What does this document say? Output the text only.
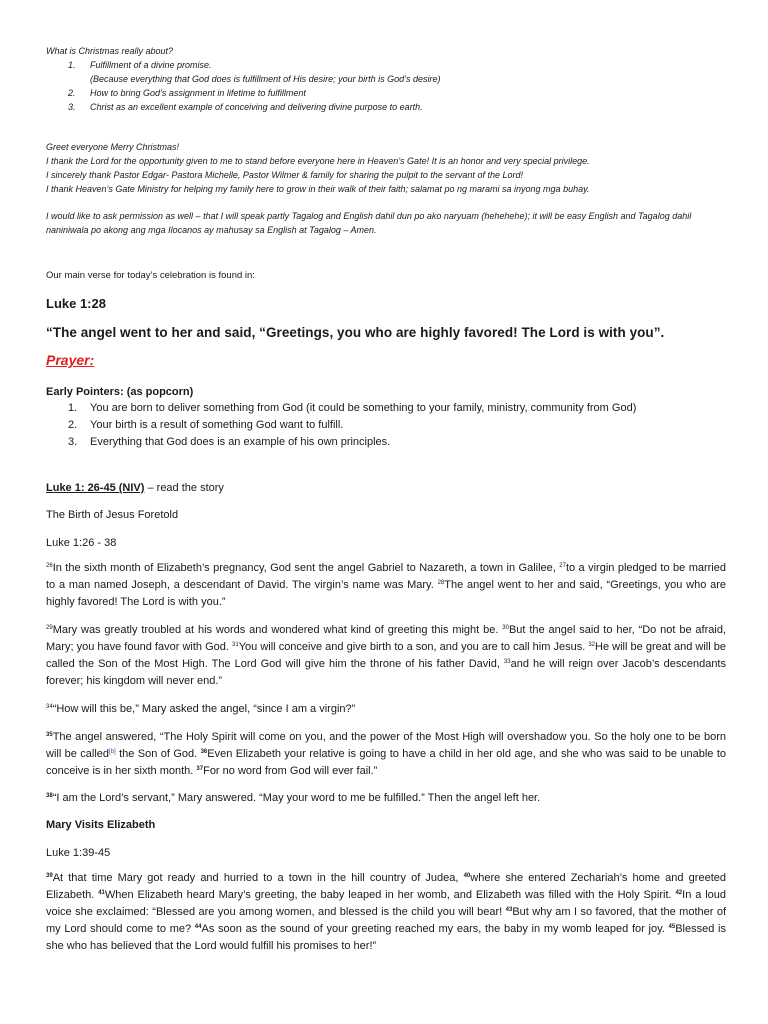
What is Christmas really about?
1. Fulfillment of a divine promise.
(Because everything that God does is fulfillment of His desire; your birth is God’s desire)
2. How to bring God’s assignment in lifetime to fulfillment
3. Christ as an excellent example of conceiving and delivering divine purpose to earth.
Greet everyone Merry Christmas!
I thank the Lord for the opportunity given to me to stand before everyone here in Heaven’s Gate! It is an honor and very special privilege.
I sincerely thank Pastor Edgar- Pastora Michelle, Pastor Wilmer & family for sharing the pulpit to the servant of the Lord!
I thank Heaven’s Gate Ministry for helping my family here to grow in their walk of their faith; salamat po ng marami sa inyong mga buhay.
I would like to ask permission as well – that I will speak partly Tagalog and English dahil dun po ako naryuam (hehehehe); it will be easy English and Tagalog dahil naniniwala po akong ang mga Ilocanos ay mahusay sa English at Tagalog – Amen.
Our main verse for today’s celebration is found in:
Luke 1:28
“The angel went to her and said, “Greetings, you who are highly favored! The Lord is with you”.
Prayer:
Early Pointers: (as popcorn)
1. You are born to deliver something from God (it could be something to your family, ministry, community from God)
2. Your birth is a result of something God want to fulfill.
3. Everything that God does is an example of his own principles.
Luke 1: 26-45 (NIV) – read the story
The Birth of Jesus Foretold
Luke 1:26 - 38
$^{26}$In the sixth month of Elizabeth’s pregnancy, God sent the angel Gabriel to Nazareth, a town in Galilee, $^{27}$to a virgin pledged to be married to a man named Joseph, a descendant of David. The virgin’s name was Mary. $^{28}$The angel went to her and said, “Greetings, you who are highly favored! The Lord is with you.”
$^{29}$Mary was greatly troubled at his words and wondered what kind of greeting this might be. $^{30}$But the angel said to her, “Do not be afraid, Mary; you have found favor with God. $^{31}$You will conceive and give birth to a son, and you are to call him Jesus. $^{32}$He will be great and will be called the Son of the Most High. The Lord God will give him the throne of his father David, $^{33}$and he will reign over Jacob’s descendants forever; his kingdom will never end.”
$^{34}$“How will this be,” Mary asked the angel, “since I am a virgin?”
$^{35}$The angel answered, “The Holy Spirit will come on you, and the power of the Most High will overshadow you. So the holy one to be born will be called[b] the Son of God. $^{36}$Even Elizabeth your relative is going to have a child in her old age, and she who was said to be unable to conceive is in her sixth month. $^{37}$For no word from God will ever fail.”
$^{38}$“I am the Lord’s servant,” Mary answered. “May your word to me be fulfilled.” Then the angel left her.
Mary Visits Elizabeth
Luke 1:39-45
$^{39}$At that time Mary got ready and hurried to a town in the hill country of Judea, $^{40}$where she entered Zechariah’s home and greeted Elizabeth. $^{41}$When Elizabeth heard Mary’s greeting, the baby leaped in her womb, and Elizabeth was filled with the Holy Spirit. $^{42}$In a loud voice she exclaimed: “Blessed are you among women, and blessed is the child you will bear! $^{43}$But why am I so favored, that the mother of my Lord should come to me? $^{44}$As soon as the sound of your greeting reached my ears, the baby in my womb leaped for joy. $^{45}$Blessed is she who has believed that the Lord would fulfill his promises to her!”
